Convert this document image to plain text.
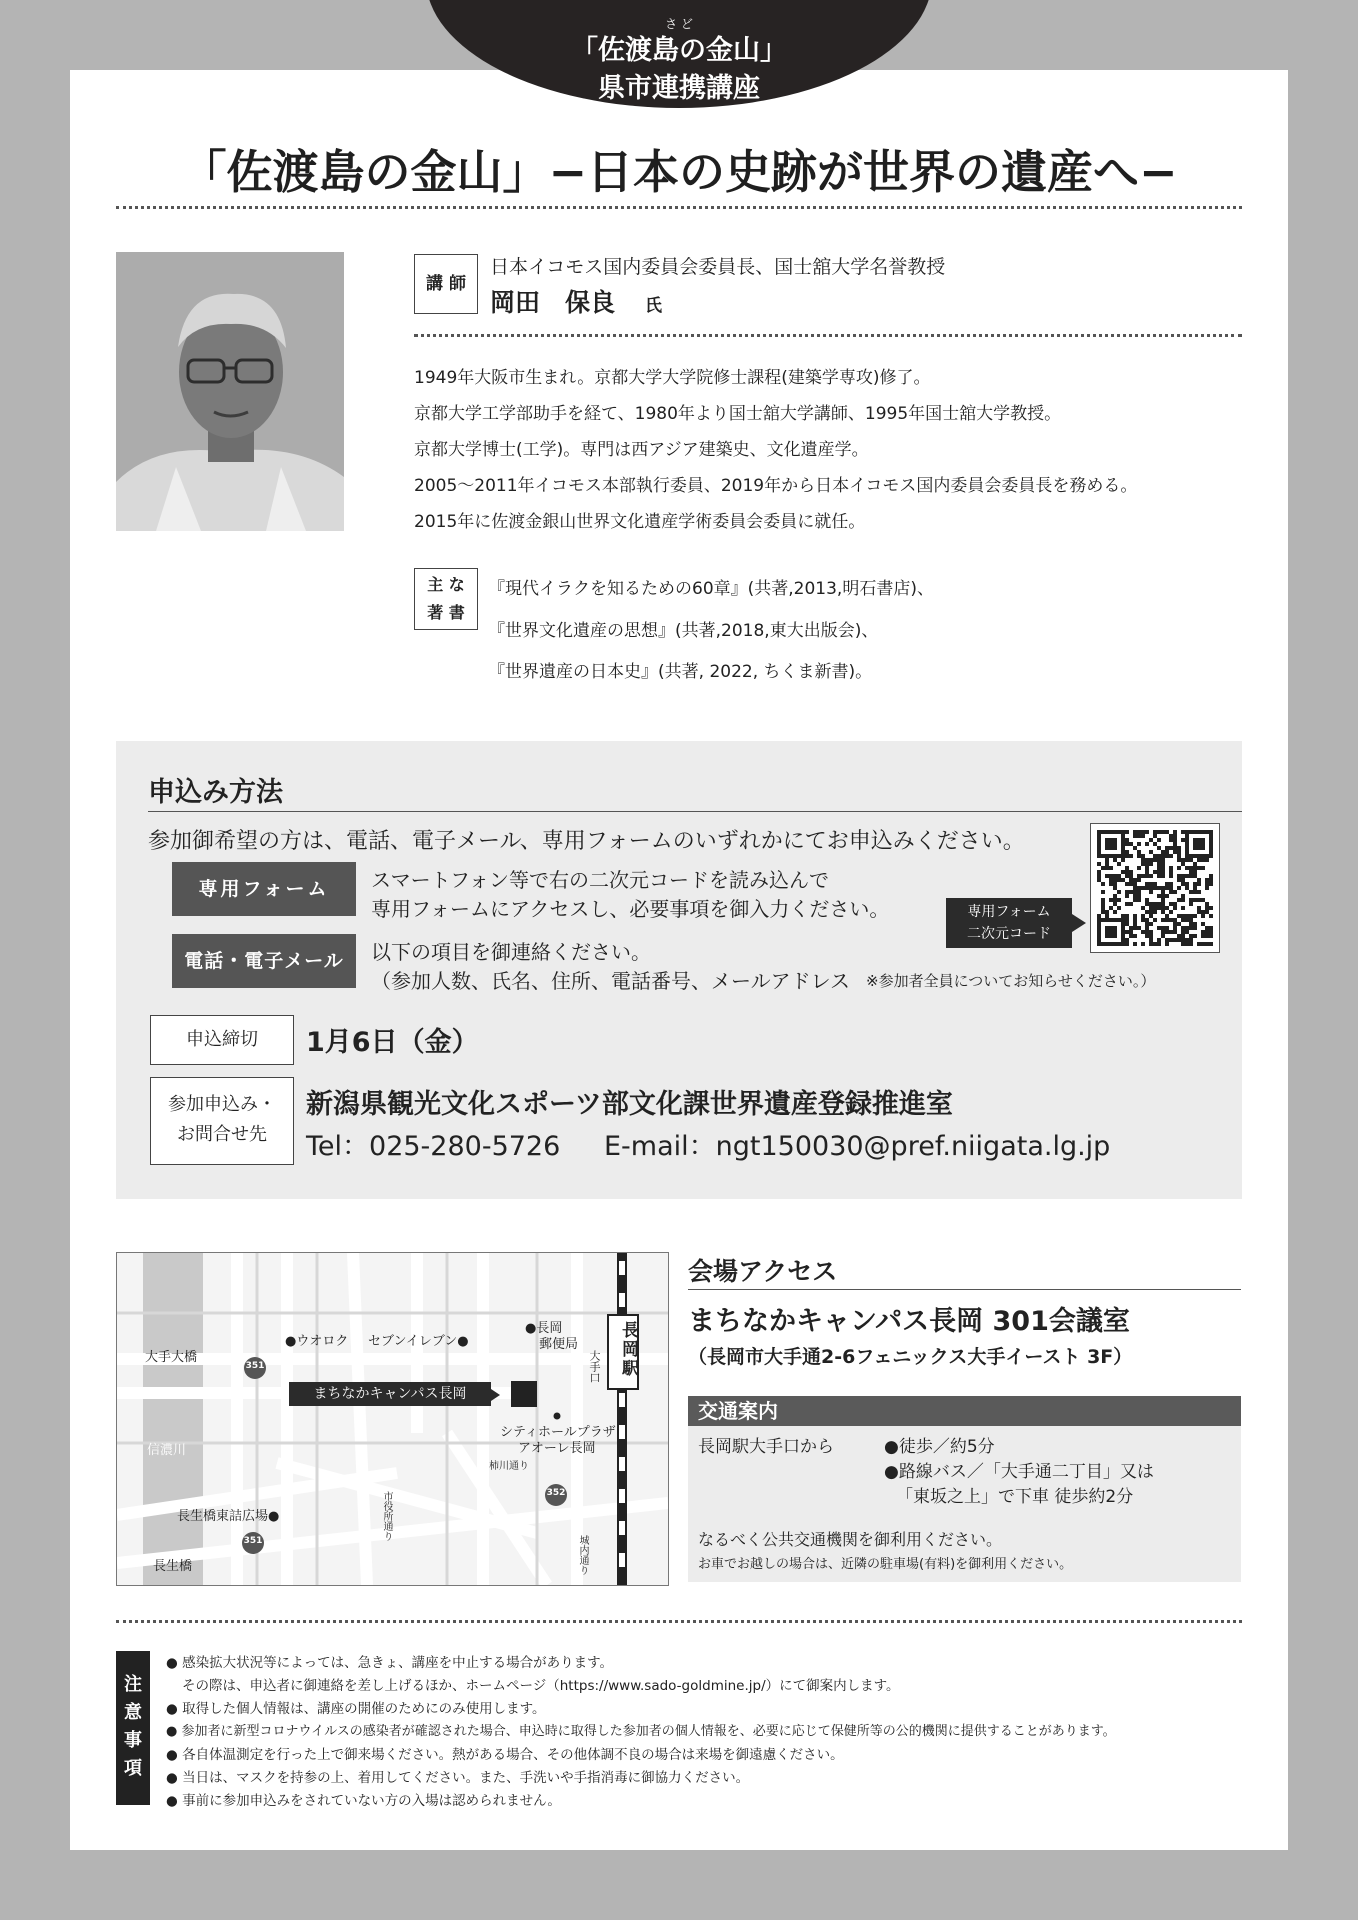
さ ど
「佐渡島の金山」
県市連携講座
「佐渡島の金山」−日本の史跡が世界の遺産へ−
講 師
日本イコモス国内委員会委員長、国士舘大学名誉教授
岡田　保良 氏
1949年大阪市生まれ。京都大学大学院修士課程(建築学専攻)修了。
京都大学工学部助手を経て、1980年より国士舘大学講師、1995年国士舘大学教授。
京都大学博士(工学)。専門は西アジア建築史、文化遺産学。
2005～2011年イコモス本部執行委員、2019年から日本イコモス国内委員会委員長を務める。
2015年に佐渡金銀山世界文化遺産学術委員会委員に就任。
主 な
著 書
『現代イラクを知るための60章』(共著,2013,明石書店)、
『世界文化遺産の思想』(共著,2018,東大出版会)、
『世界遺産の日本史』(共著, 2022, ちくま新書)。
申込み方法
参加御希望の方は、電話、電子メール、専用フォームのいずれかにてお申込みください。
専用フォーム	スマートフォン等で右の二次元コードを読み込んで
専用フォームにアクセスし、必要事項を御入力ください。	専用フォーム
二次元コード
電話・電子メール	以下の項目を御連絡ください。
（参加人数、氏名、住所、電話番号、メールアドレス ※参加者全員についてお知らせください。）
申込締切	1月6日（金）
参加申込み・
お問合せ先
新潟県観光文化スポーツ部文化課世界遺産登録推進室
Tel：025-280-5726 E-mail：ngt150030@pref.niigata.lg.jp
大手大橋
●ウオロク セブンイレブン●
●長岡
郵便局 長岡駅
大手口
まちなかキャンパス長岡
シティホールプラザ
アオーレ長岡
柿川通り
信濃川
長生橋東詰広場●
長生橋
市役所通り
城内通り
351
352
351
会場アクセス
まちなかキャンパス長岡 301会議室
（長岡市大手通2-6フェニックス大手イースト 3F）
交通案内
長岡駅大手口から	●徒歩／約5分
●路線バス／「大手通二丁目」又は
「東坂之上」で下車 徒歩約2分
なるべく公共交通機関を御利用ください。
お車でお越しの場合は、近隣の駐車場(有料)を御利用ください。
注
意
事
項
● 感染拡大状況等によっては、急きょ、講座を中止する場合があります。
その際は、申込者に御連絡を差し上げるほか、ホームページ（https://www.sado-goldmine.jp/）にて御案内します。
● 取得した個人情報は、講座の開催のためにのみ使用します。
● 参加者に新型コロナウイルスの感染者が確認された場合、申込時に取得した参加者の個人情報を、必要に応じて保健所等の公的機関に提供することがあります。
● 各自体温測定を行った上で御来場ください。熱がある場合、その他体調不良の場合は来場を御遠慮ください。
● 当日は、マスクを持参の上、着用してください。また、手洗いや手指消毒に御協力ください。
● 事前に参加申込みをされていない方の入場は認められません。
